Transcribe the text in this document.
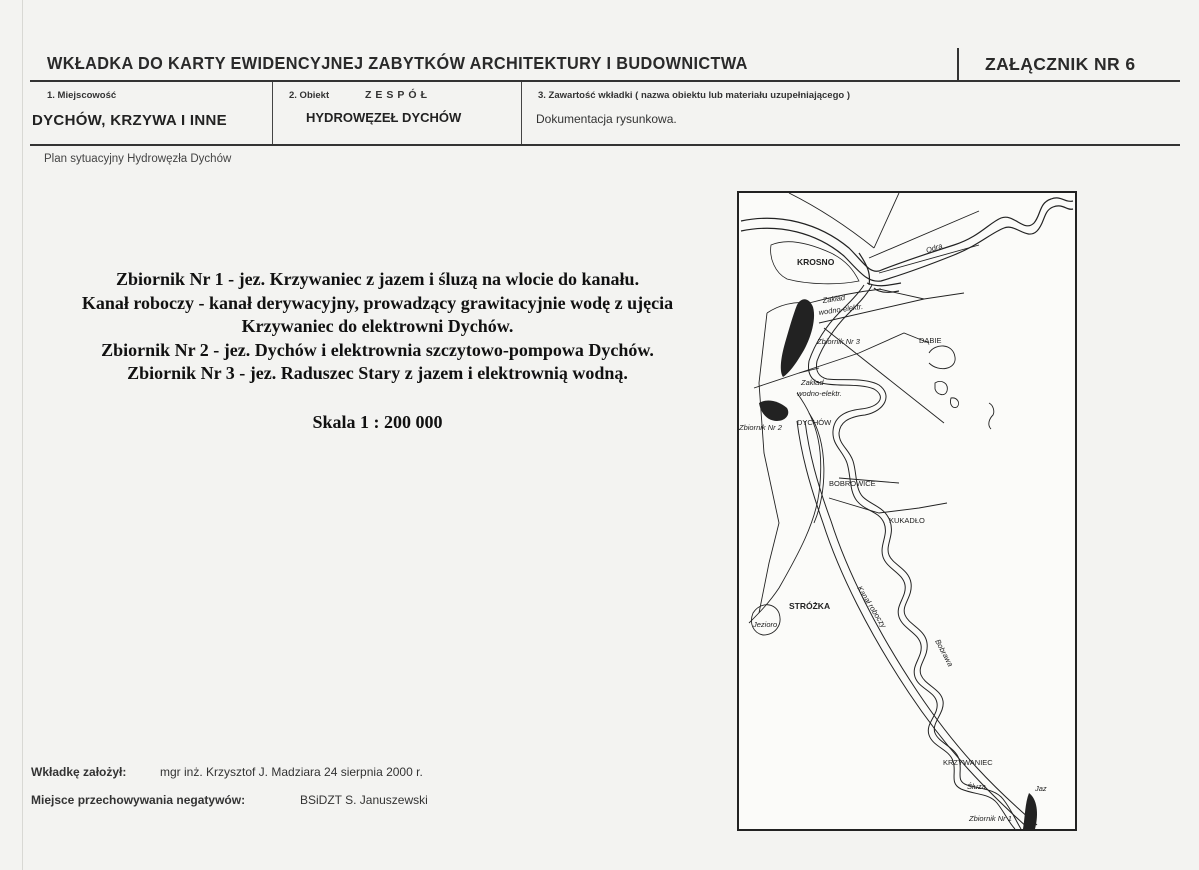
WKŁADKA DO KARTY EWIDENCYJNEJ ZABYTKÓW ARCHITEKTURY I BUDOWNICTWA	ZAŁĄCZNIK NR 6
1. Miejscowość
DYCHÓW, KRZYWA I INNE
2. Obiekt	ZESPÓŁ
HYDROWĘZEŁ DYCHÓW
3. Zawartość wkładki ( nazwa obiektu lub materiału uzupełniającego )
Dokumentacja rysunkowa.
Plan sytuacyjny Hydrowęzła Dychów
Zbiornik Nr 1 - jez. Krzywaniec z jazem i śluzą na wlocie do kanału.
Kanał roboczy - kanał derywacyjny, prowadzący grawitacyjnie wodę z ujęcia
Krzywaniec do elektrowni Dychów.
Zbiornik Nr 2 - jez. Dychów i elektrownia szczytowo-pompowa Dychów.
Zbiornik Nr 3 - jez. Raduszec Stary z jazem i elektrownią wodną.
Skala 1 : 200 000
Wkładkę założył:	mgr inż. Krzysztof J. Madziara 24 sierpnia 2000 r.
Miejsce przechowywania negatywów:	BSiDZT S. Januszewski
Odra
KROSNO
Zakład
wodno-elektr.
Zbiornik Nr 3	DĄBIE
Zakład
wodno-elektr.
Zbiornik Nr 2
DYCHÓW
BOBROWICE
KUKADŁO
STRÓŻKA
Jezioro	Kanał roboczy
Bobrawa
KRZYWANIEC
Śluza	Jaz
Zbiornik Nr 1
